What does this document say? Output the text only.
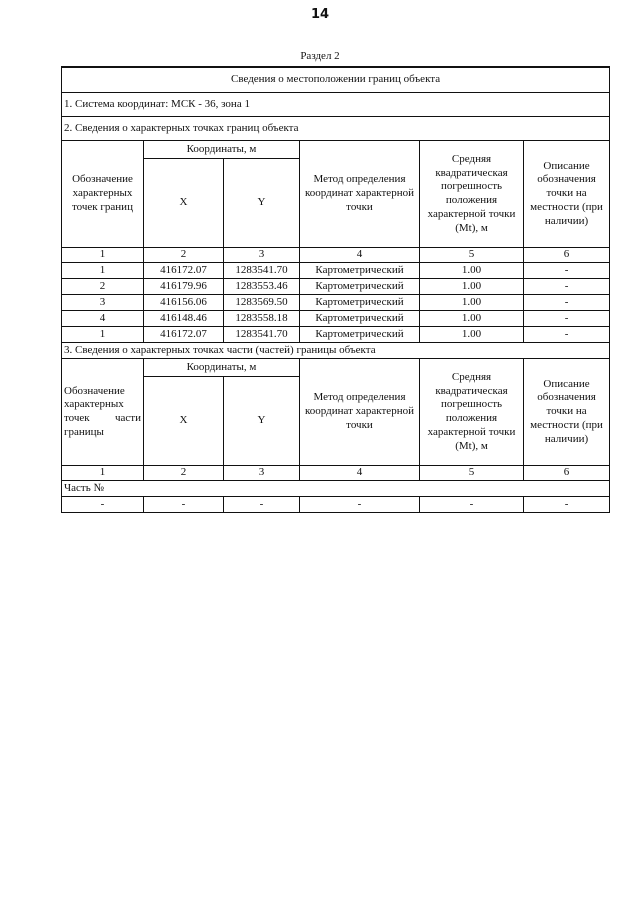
14
Раздел 2
Сведения о местоположении границ объекта					
1. Система координат: МСК - 36, зона 1					
2. Сведения о характерных точках границ объекта					
Обозначение характерных точек границ	Координаты, м		Метод определения координат характерной точки	Средняя квадратическая погрешность положения характерной точки (Mt), м	Описание обозначения точки на местности (при наличии)
	X	Y			
1	2	3	4	5	6
1	416172.07	1283541.70	Картометрический	1.00	-
2	416179.96	1283553.46	Картометрический	1.00	-
3	416156.06	1283569.50	Картометрический	1.00	-
4	416148.46	1283558.18	Картометрический	1.00	-
1	416172.07	1283541.70	Картометрический	1.00	-
3. Сведения о характерных точках части (частей) границы объекта					

Обозначение
характерных
точек части
границы	Координаты, м		Метод определения координат характерной точки	Средняя квадратическая погрешность положения характерной точки (Mt), м	Описание обозначения точки на местности (при наличии)
	X	Y			
1	2	3	4	5	6
Часть №					
-	-	-	-	-	-
